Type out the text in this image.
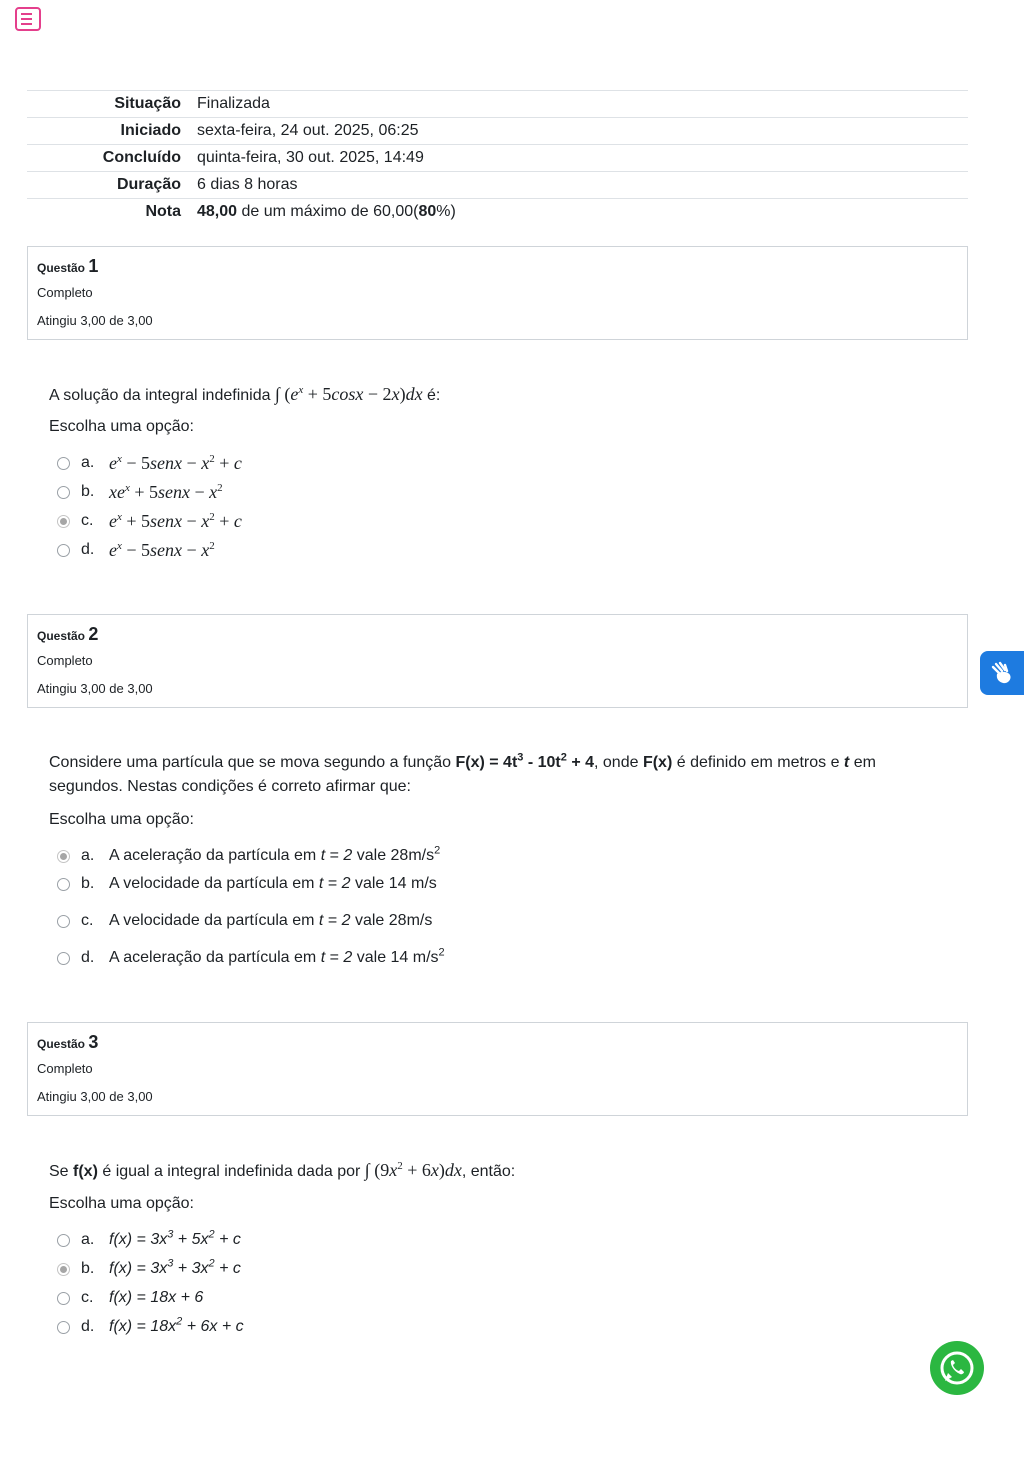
Situação	Finalizada
Iniciado	sexta-feira, 24 out. 2025, 06:25
Concluído	quinta-feira, 30 out. 2025, 14:49
Duração	6 dias 8 horas
Nota	48,00 de um máximo de 60,00(80%)
Questão 1
Completo
Atingiu 3,00 de 3,00
A solução da integral indefinida ∫ $(e^x + 5\cos x - 2x)dx$ é:
Escolha uma opção:
a. $e^x$ − 5senx − $x^2 + c$
b. $xe^x$ + 5senx − $x^2$
c. $e^x$ + 5senx − $x^2 + c$
d. $e^x$ − 5senx − $x^2$
Questão 2
Completo
Atingiu 3,00 de 3,00
Considere uma partícula que se mova segundo a função $F(x) = 4t^3 - 10t^2 + 4$, onde F(x) é definido em metros e t em segundos. Nestas condições é correto afirmar que:
Escolha uma opção:
a. A aceleração da partícula em t = 2 vale $28m/s^2$
b. A velocidade da partícula em t = 2 vale 14 m/s
c. A velocidade da partícula em t = 2 vale 28m/s
d. A aceleração da partícula em t = 2 vale 14 $m/s^2$
Questão 3
Completo
Atingiu 3,00 de 3,00
Se f(x) é igual a integral indefinida dada por ∫ $(9x^2 + 6x)dx$, então:
Escolha uma opção:
a. $f(x) = 3x^3 + 5x^2 + c$
b. $f(x) = 3x^3 + 3x^2 + c$
c. f(x) = 18x + 6
d. $f(x) = 18x^2 + 6x + c$
